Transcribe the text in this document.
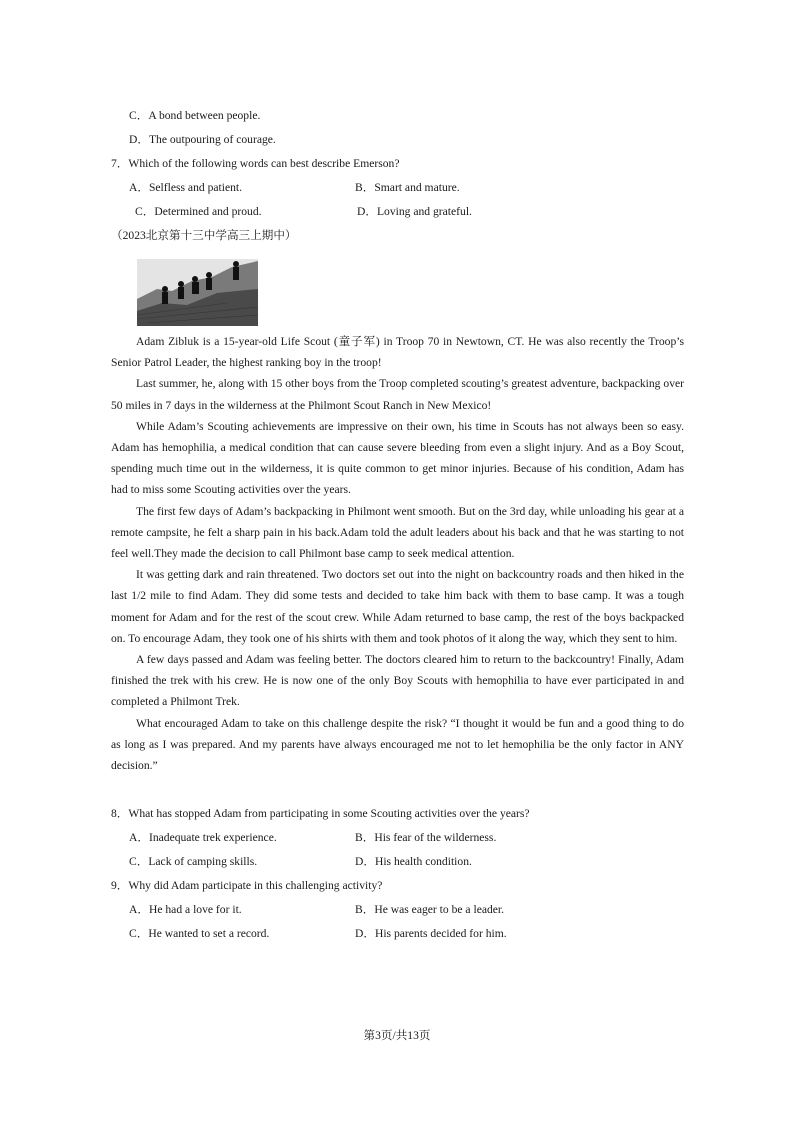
C．A bond between people.
D．The outpouring of courage.
7．Which of the following words can best describe Emerson?
A．Selfless and patient.	B．Smart and mature.
C．Determined and proud.	D．Loving and grateful.
（2023北京第十三中学高三上期中）

Adam Zibluk is a 15-year-old Life Scout (童子军) in Troop 70 in Newtown, CT. He was also recently the Troop’s Senior Patrol Leader, the highest ranking boy in the troop!

Last summer, he, along with 15 other boys from the Troop completed scouting’s greatest adventure, backpacking over 50 miles in 7 days in the wilderness at the Philmont Scout Ranch in New Mexico!

While Adam’s Scouting achievements are impressive on their own, his time in Scouts has not always been so easy. Adam has hemophilia, a medical condition that can cause severe bleeding from even a slight injury. And as a Boy Scout, spending much time out in the wilderness, it is quite common to get minor injuries. Because of his condition, Adam has had to miss some Scouting activities over the years.

The first few days of Adam’s backpacking in Philmont went smooth. But on the 3rd day, while unloading his gear at a remote campsite, he felt a sharp pain in his back.Adam told the adult leaders about his back and that he was starting to not feel well.They made the decision to call Philmont base camp to seek medical attention.

It was getting dark and rain threatened. Two doctors set out into the night on backcountry roads and then hiked in the last 1/2 mile to find Adam. They did some tests and decided to take him back with them to base camp. It was a tough moment for Adam and for the rest of the scout crew. While Adam returned to base camp, the rest of the boys backpacked on. To encourage Adam, they took one of his shirts with them and took photos of it along the way, which they sent to him.

A few days passed and Adam was feeling better. The doctors cleared him to return to the backcountry! Finally, Adam finished the trek with his crew. He is now one of the only Boy Scouts with hemophilia to have ever participated in and completed a Philmont Trek.

What encouraged Adam to take on this challenge despite the risk? “I thought it would be fun and a good thing to do as long as I was prepared. And my parents have always encouraged me not to let hemophilia be the only factor in ANY decision.”

8．What has stopped Adam from participating in some Scouting activities over the years?
A．Inadequate trek experience.	B．His fear of the wilderness.
C．Lack of camping skills.	D．His health condition.
9．Why did Adam participate in this challenging activity?
A．He had a love for it.	B．He was eager to be a leader.
C．He wanted to set a record.	D．His parents decided for him.
第3页/共13页
